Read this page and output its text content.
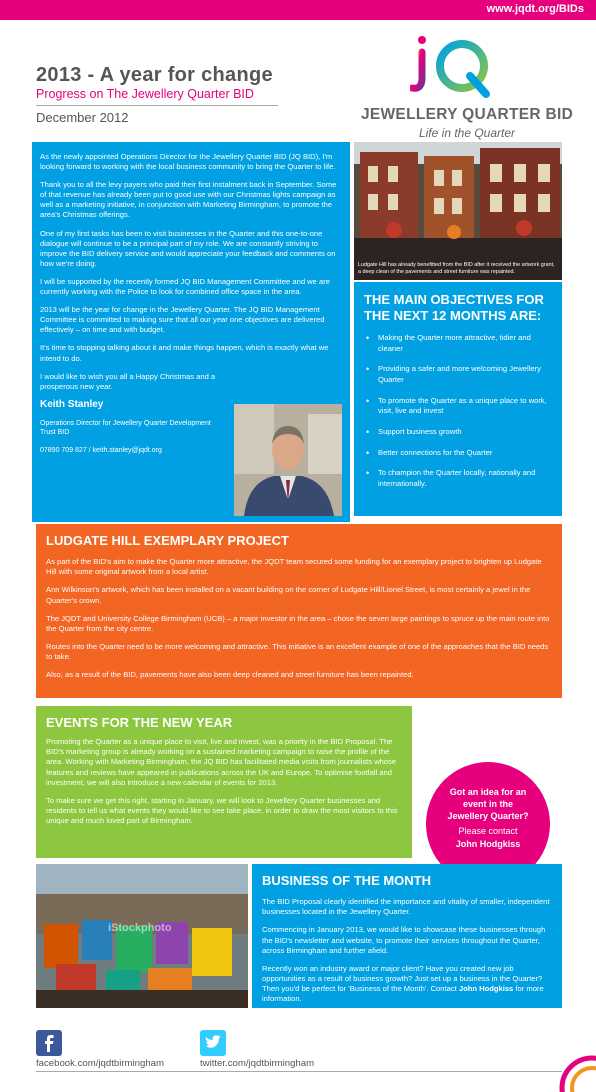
www.jqdt.org/BIDs
2013 - A year for change
Progress on The Jewellery Quarter BID
December 2012	JEWELLERY QUARTER BID
Life in the Quarter

As the newly appointed Operations Director for the Jewellery Quarter BID (JQ BID), I'm looking forward to working with the local business community to bring the Quarter to life.

Thank you to all the levy payers who paid their first instalment back in September. Some of that revenue has already been put to good use with our Christmas lights campaign as well as a marketing initiative, in conjunction with Marketing Birmingham, to promote the area's Christmas offerings.

One of my first tasks has been to visit businesses in the Quarter and this one-to-one dialogue will continue to be a principal part of my role. We are constantly striving to improve the BID delivery service and would appreciate your feedback and comments on how we're doing.

I will be supported by the recently formed JQ BID Management Committee and we are currently working with the Police to look for combined office space in the area.

2013 will be the year for change in the Jewellery Quarter. The JQ BID Management Committee is committed to making sure that all our year one objectives are delivered effectively – on time and with budget.

It's time to stopping talking about it and make things happen, which is exactly what we intend to do.

I would like to wish you all a Happy Christmas and a prosperous new year.

Keith Stanley

Operations Director for Jewellery Quarter Development Trust BID

07890 709 827 / keith.stanley@jqdt.org

Ludgate Hill has already benefitted from the BID after it received the artwork grant, a deep clean of the pavements and street furniture was repainted.
THE MAIN OBJECTIVES FOR THE NEXT 12 MONTHS ARE:
• Making the Quarter more attractive, tidier and cleaner
• Providing a safer and more welcoming Jewellery Quarter
• To promote the Quarter as a unique place to work, visit, live and invest
• Support business growth
• Better connections for the Quarter
• To champion the Quarter locally, nationally and internationally.
LUDGATE HILL EXEMPLARY PROJECT

As part of the BID's aim to make the Quarter more attractive, the JQDT team secured some funding for an exemplary project to brighten up Ludgate Hill with some original artwork from a local artist.

Ann Wilkinson's artwork, which has been installed on a vacant building on the corner of Ludgate Hill/Lionel Street, is most certainly a jewel in the Quarter's crown.

The JQDT and University College Birmingham (UCB) – a major investor in the area – chose the seven large paintings to spruce up the main route into the Quarter from the city centre.

Routes into the Quarter need to be more welcoming and attractive. This initiative is an excellent example of one of the approaches that the BID needs to take.

Also, as a result of the BID, pavements have also been deep cleaned and street furniture has been repainted.

EVENTS FOR THE NEW YEAR

Promoting the Quarter as a unique place to visit, live and invest, was a priority in the BID Proposal. The BID's marketing group is already working on a sustained marketing campaign to raise the profile of the area. Working with Marketing Birmingham, the JQ BID has facilitated media visits from journalists whose features and reviews have appeared in publications across the UK and Europe. To optimise footfall and investment, we will also introduce a new calendar of events for 2013.

To make sure we get this right, starting in January, we will look to Jewellery Quarter businesses and residents to tell us what events they would like to see take place, in order to draw the most visitors to this unique and much loved part of Birmingham.

Got an idea for an event in the Jewellery Quarter?
Please contact
John Hodgkiss
iStockphoto
BUSINESS OF THE MONTH

The BID Proposal clearly identified the importance and vitality of smaller, independent businesses located in the Jewellery Quarter.

Commencing in January 2013, we would like to showcase these businesses through the BID's newsletter and website, to promote their services throughout the Quarter, across Birmingham and further afield.

Recently won an industry award or major client? Have you created new job opportunities as a result of business growth? Just set up a business in the Quarter? Then you'd be perfect for 'Business of the Month'. Contact John Hodgkiss for more information.

facebook.com/jqdtbirmingham	twitter.com/jqdtbirmingham
